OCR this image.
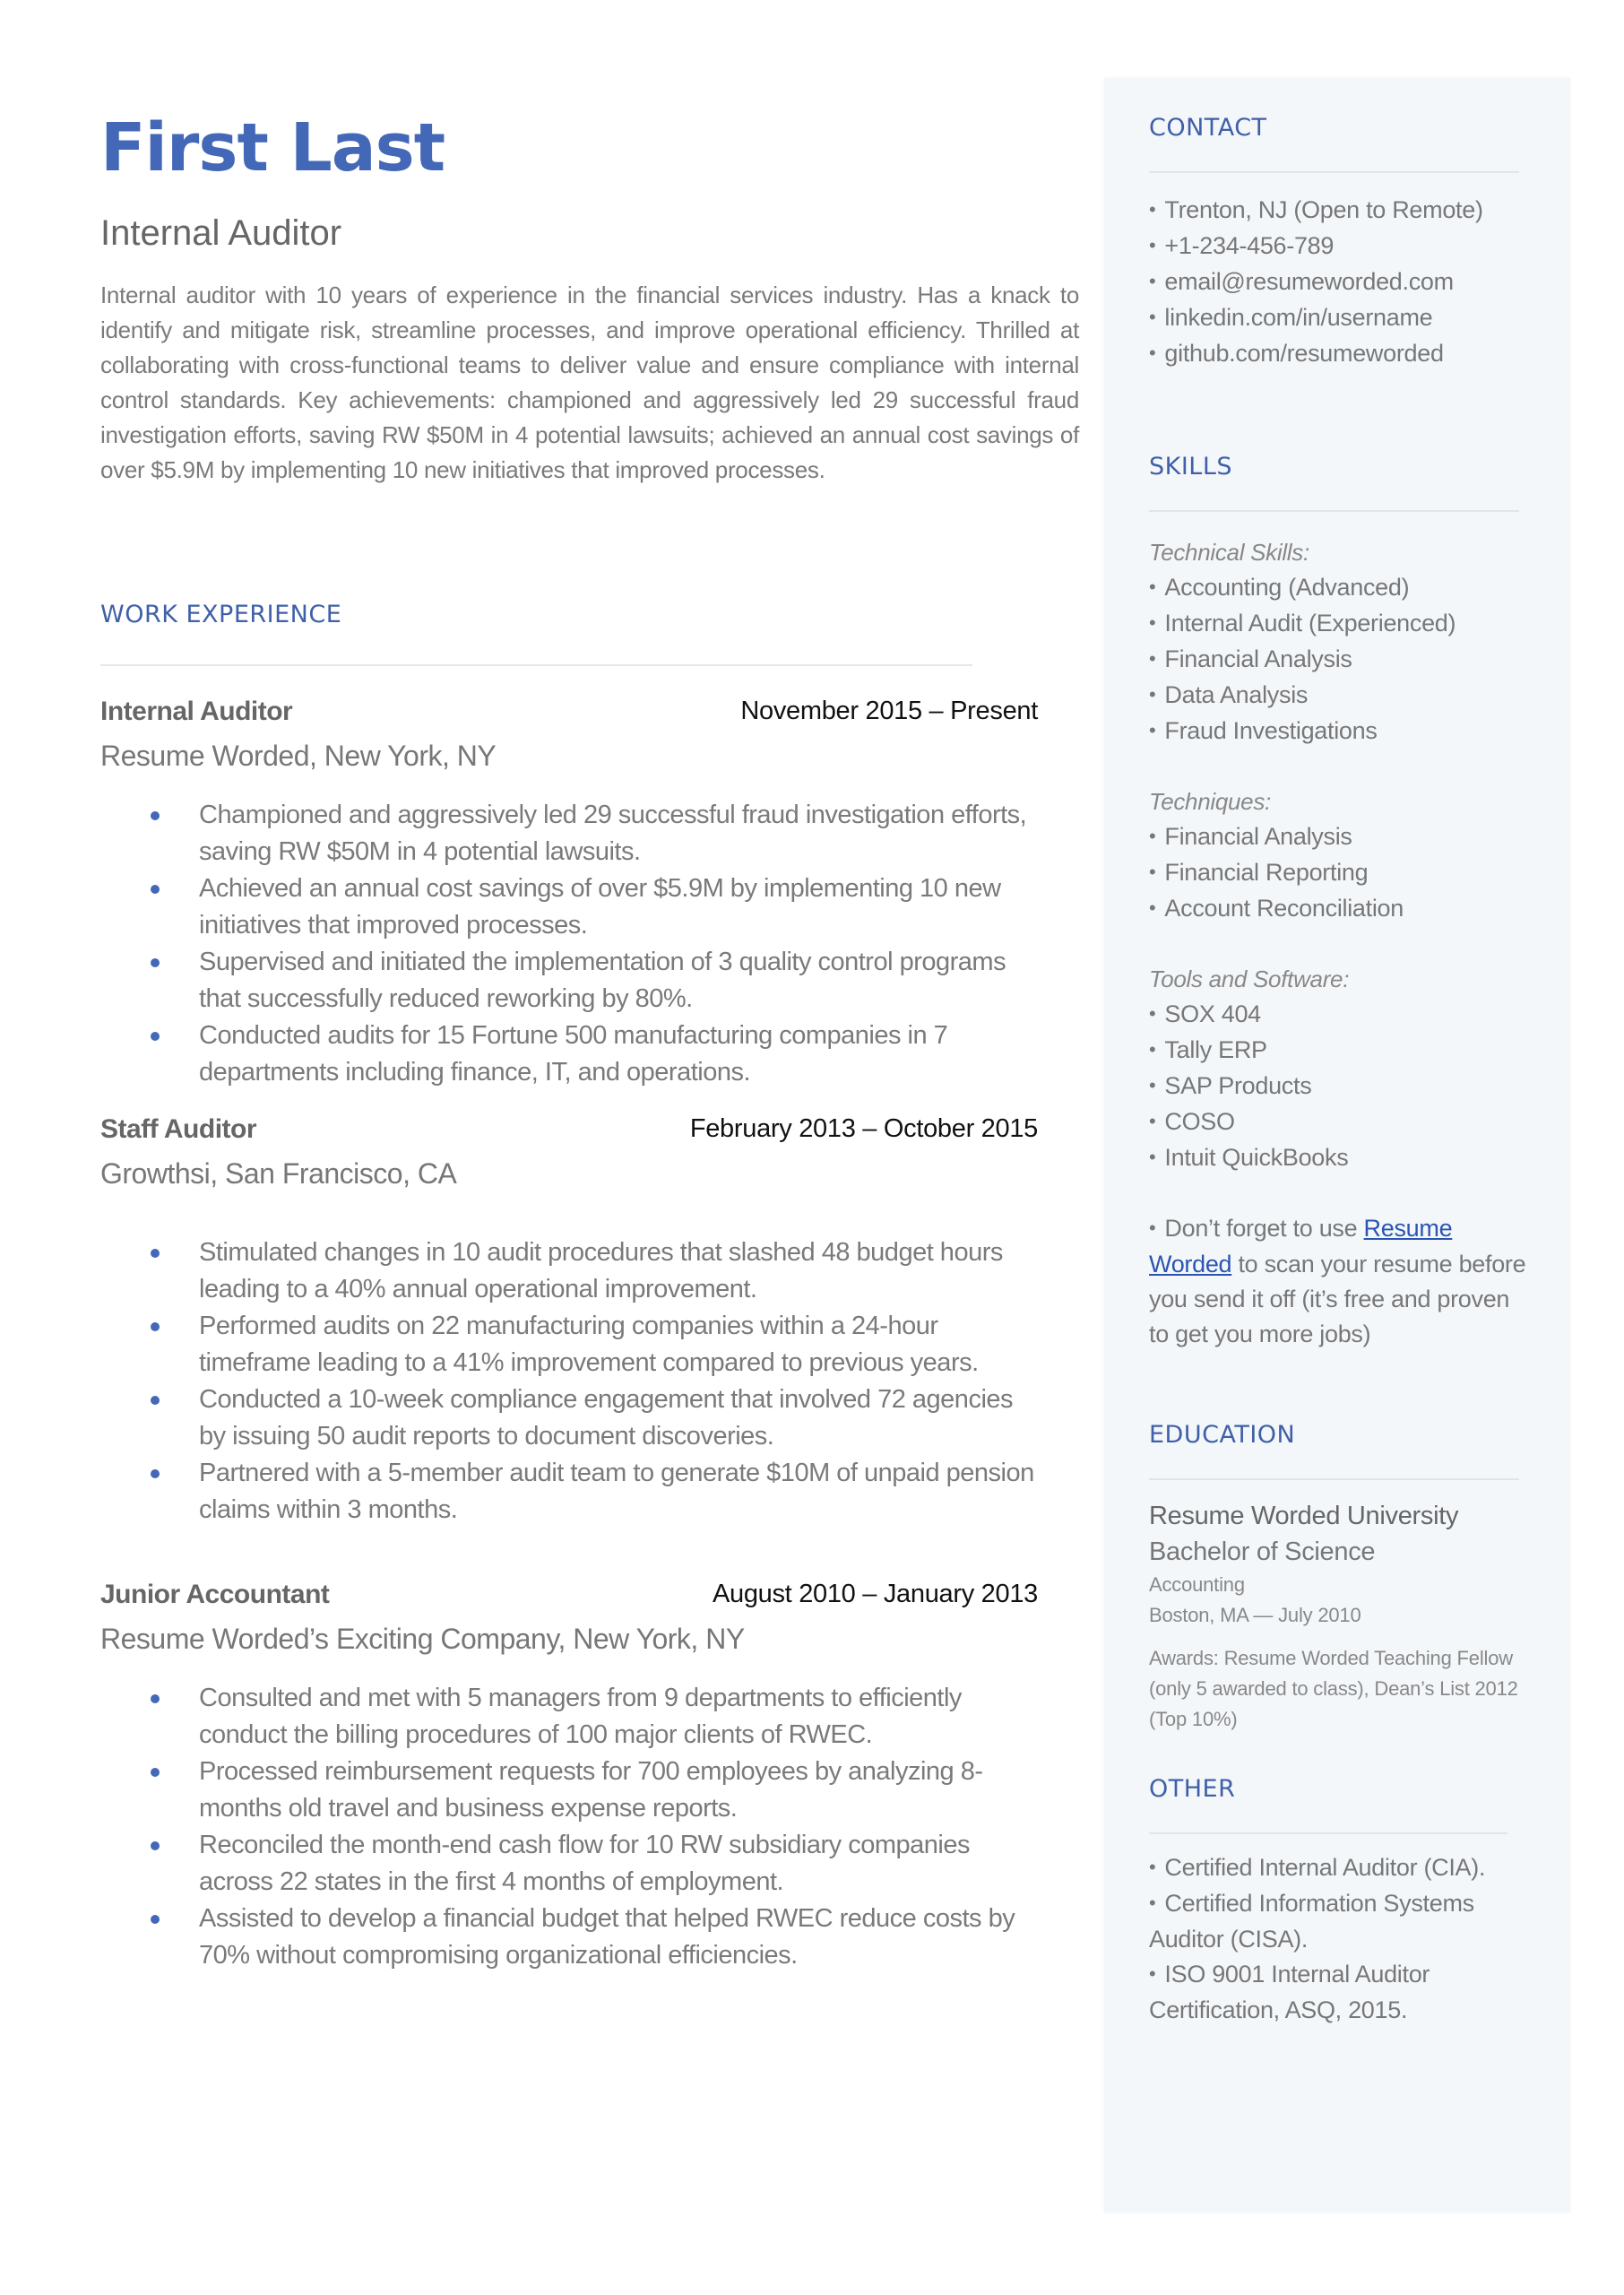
First Last
Internal Auditor

Internal auditor with 10 years of experience in the financial services industry. Has a knack to identify and mitigate risk, streamline processes, and improve operational efficiency. Thrilled at collaborating with cross-functional teams to deliver value and ensure compliance with internal control standards. Key achievements: championed and aggressively led 29 successful fraud investigation efforts, saving RW $50M in 4 potential lawsuits; achieved an annual cost savings of over $5.9M by implementing 10 new initiatives that improved processes.

WORK EXPERIENCE
Internal Auditor	November 2015 – Present
Resume Worded, New York, NY
Championed and aggressively led 29 successful fraud investigation efforts, saving RW $50M in 4 potential lawsuits.
Achieved an annual cost savings of over $5.9M by implementing 10 new initiatives that improved processes.
Supervised and initiated the implementation of 3 quality control programs that successfully reduced reworking by 80%.
Conducted audits for 15 Fortune 500 manufacturing companies in 7 departments including finance, IT, and operations.
Staff Auditor	February 2013 – October 2015
Growthsi, San Francisco, CA
Stimulated changes in 10 audit procedures that slashed 48 budget hours leading to a 40% annual operational improvement.
Performed audits on 22 manufacturing companies within a 24-hour timeframe leading to a 41% improvement compared to previous years.
Conducted a 10-week compliance engagement that involved 72 agencies by issuing 50 audit reports to document discoveries.
Partnered with a 5-member audit team to generate $10M of unpaid pension claims within 3 months.
Junior Accountant	August 2010 – January 2013
Resume Worded’s Exciting Company, New York, NY
Consulted and met with 5 managers from 9 departments to efficiently conduct the billing procedures of 100 major clients of RWEC.
Processed reimbursement requests for 700 employees by analyzing 8-months old travel and business expense reports.
Reconciled the month-end cash flow for 10 RW subsidiary companies across 22 states in the first 4 months of employment.
Assisted to develop a financial budget that helped RWEC reduce costs by 70% without compromising organizational efficiencies.
CONTACT
• Trenton, NJ (Open to Remote)
• +1-234-456-789
• email@resumeworded.com
• linkedin.com/in/username
• github.com/resumeworded
SKILLS
Technical Skills:
• Accounting (Advanced)
• Internal Audit (Experienced)
• Financial Analysis
• Data Analysis
• Fraud Investigations
Techniques:
• Financial Analysis
• Financial Reporting
• Account Reconciliation
Tools and Software:
• SOX 404
• Tally ERP
• SAP Products
• COSO
• Intuit QuickBooks
• Don’t forget to use Resume Worded to scan your resume before you send it off (it’s free and proven to get you more jobs)
EDUCATION
Resume Worded University
Bachelor of Science
Accounting
Boston, MA — July 2010
Awards: Resume Worded Teaching Fellow (only 5 awarded to class), Dean’s List 2012 (Top 10%)
OTHER
• Certified Internal Auditor (CIA).
• Certified Information Systems Auditor (CISA).
• ISO 9001 Internal Auditor Certification, ASQ, 2015.
